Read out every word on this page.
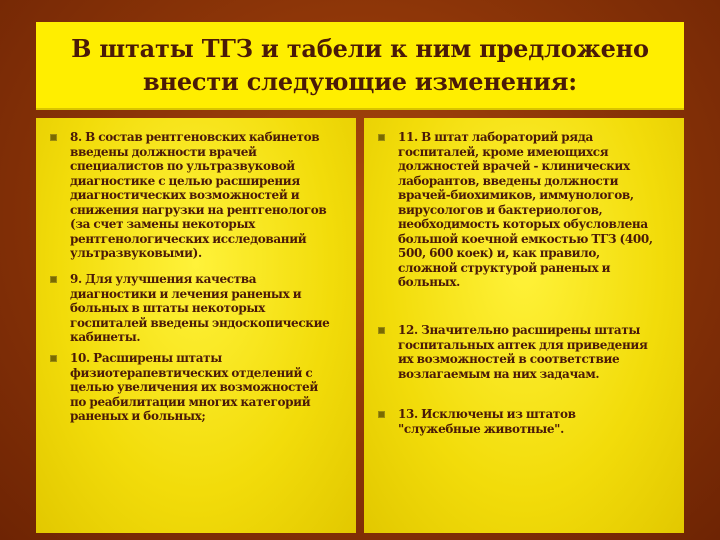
В штаты ТГЗ и табели к ним предложено
внести следующие изменения:
8. В состав рентгеновских кабинетов
введены должности врачей
специалистов по ультразвуковой
диагностике с целью расширения
диагностических возможностей и
снижения нагрузки на рентгенологов
(за счет замены некоторых
рентгенологических исследований
ультразвуковыми).
9. Для улучшения качества
диагностики и лечения раненых и
больных в штаты некоторых
госпиталей введены эндоскопические
кабинеты.
10. Расширены штаты
физиотерапевтических отделений с
целью увеличения их возможностей
по реабилитации многих категорий
раненых и больных;
11. В штат лабораторий ряда
госпиталей, кроме имеющихся
должностей врачей - клинических
лаборантов, введены должности
врачей-биохимиков, иммунологов,
вирусологов и бактериологов,
необходимость которых обусловлена
большой коечной емкостью ТГЗ (400,
500, 600 коек) и, как правило,
сложной структурой раненых и
больных.
12. Значительно расширены штаты
госпитальных аптек для приведения
их возможностей в соответствие
возлагаемым на них задачам.
13. Исключены из штатов
"служебные животные".
